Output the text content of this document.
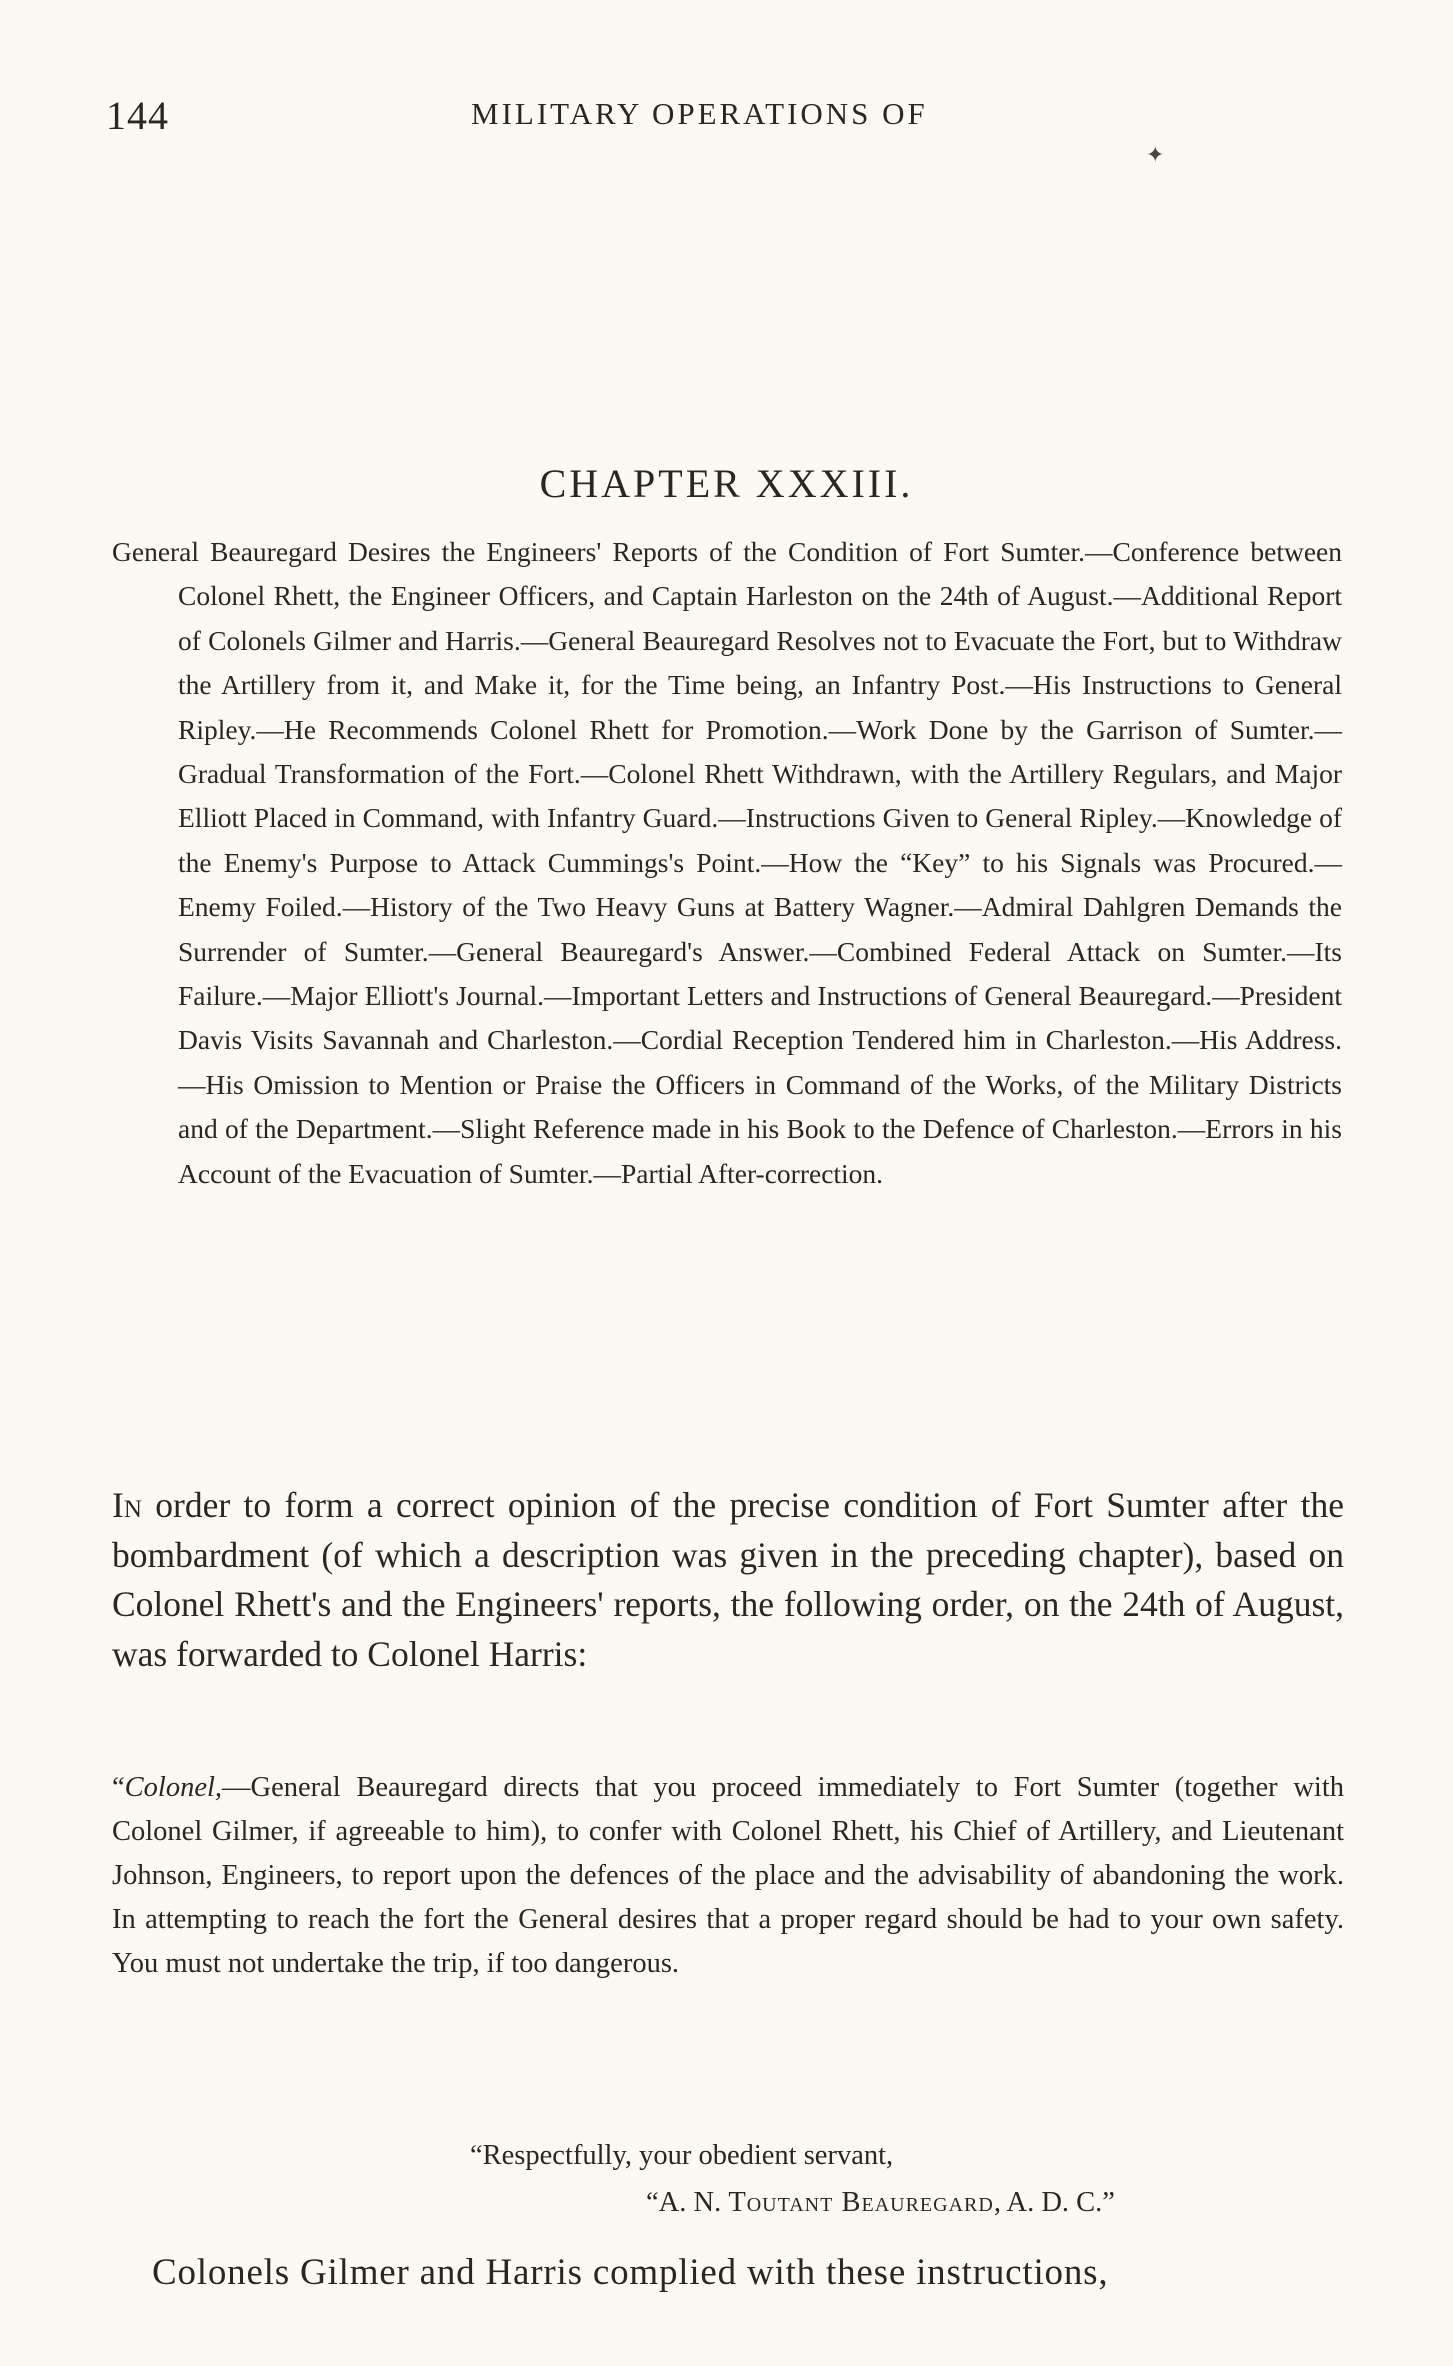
144	MILITARY OPERATIONS OF
✦
CHAPTER XXXIII.
General Beauregard Desires the Engineers' Reports of the Condition of Fort Sumter.—Conference between Colonel Rhett, the Engineer Officers, and Captain Harleston on the 24th of August.—Additional Report of Colonels Gilmer and Harris.—General Beauregard Resolves not to Evacuate the Fort, but to Withdraw the Artillery from it, and Make it, for the Time being, an Infantry Post.—His Instructions to General Ripley.—He Recommends Colonel Rhett for Promotion.—Work Done by the Garrison of Sumter.—Gradual Transformation of the Fort.—Colonel Rhett Withdrawn, with the Artillery Regulars, and Major Elliott Placed in Command, with Infantry Guard.—Instructions Given to General Ripley.—Knowledge of the Enemy's Purpose to Attack Cummings's Point.—How the “Key” to his Signals was Procured.—Enemy Foiled.—History of the Two Heavy Guns at Battery Wagner.—Admiral Dahlgren Demands the Surrender of Sumter.—General Beauregard's Answer.—Combined Federal Attack on Sumter.—Its Failure.—Major Elliott's Journal.—Important Letters and Instructions of General Beauregard.—President Davis Visits Savannah and Charleston.—Cordial Reception Tendered him in Charleston.—His Address.—His Omission to Mention or Praise the Officers in Command of the Works, of the Military Districts and of the Department.—Slight Reference made in his Book to the Defence of Charleston.—Errors in his Account of the Evacuation of Sumter.—Partial After-correction.

In order to form a correct opinion of the precise condition of Fort Sumter after the bombardment (of which a description was given in the preceding chapter), based on Colonel Rhett's and the Engineers' reports, the following order, on the 24th of August, was forwarded to Colonel Harris:

“Colonel,—General Beauregard directs that you proceed immediately to Fort Sumter (together with Colonel Gilmer, if agreeable to him), to confer with Colonel Rhett, his Chief of Artillery, and Lieutenant Johnson, Engineers, to report upon the defences of the place and the advisability of abandoning the work. In attempting to reach the fort the General desires that a proper regard should be had to your own safety. You must not undertake the trip, if too dangerous.

“Respectfully, your obedient servant,
“A. N. Toutant Beauregard, A. D. C.”
Colonels Gilmer and Harris complied with these instructions,
